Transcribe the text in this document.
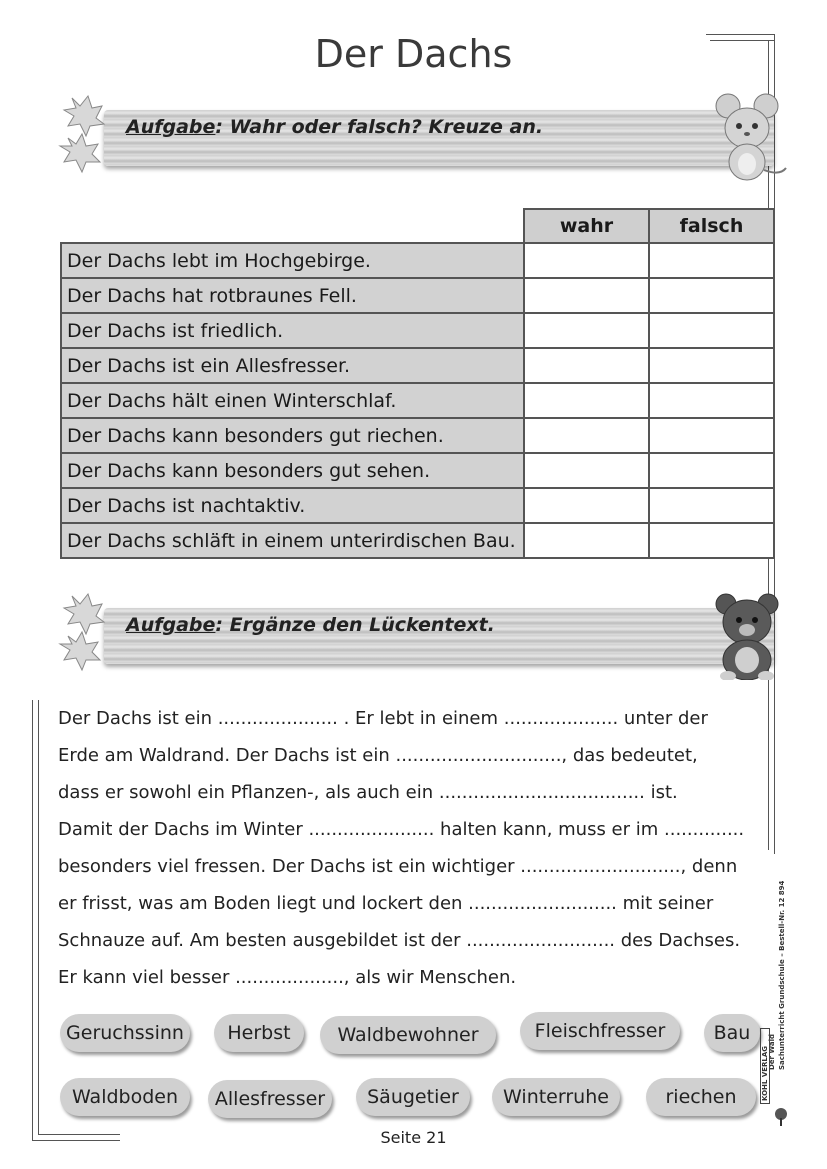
Der Dachs
Aufgabe: Wahr oder falsch? Kreuze an.
	wahr	falsch
Der Dachs lebt im Hochgebirge.		
Der Dachs hat rotbraunes Fell.		
Der Dachs ist friedlich.		
Der Dachs ist ein Allesfresser.		
Der Dachs hält einen Winterschlaf.		
Der Dachs kann besonders gut riechen.		
Der Dachs kann besonders gut sehen.		
Der Dachs ist nachtaktiv.		
Der Dachs schläft in einem unterirdischen Bau.		
Aufgabe: Ergänze den Lückentext.

Der Dachs ist ein ..................... . Er lebt in einem .................... unter der

Erde am Waldrand. Der Dachs ist ein ............................., das bedeutet,

dass er sowohl ein Pflanzen-, als auch ein .................................... ist.

Damit der Dachs im Winter ...................... halten kann, muss er im ..............

besonders viel fressen. Der Dachs ist ein wichtiger ............................, denn

er frisst, was am Boden liegt und lockert den .......................... mit seiner

Schnauze auf. Am besten ausgebildet ist der .......................... des Dachses.

Er kann viel besser ..................., als wir Menschen.

Geruchssinn	Herbst	Waldbewohner	Fleischfresser	Bau
Waldboden	Allesfresser	Säugetier	Winterruhe	riechen
Der Wald Sachunterricht Grundschule – Bestell-Nr. 12 894
KOHL VERLAG
Seite 21
